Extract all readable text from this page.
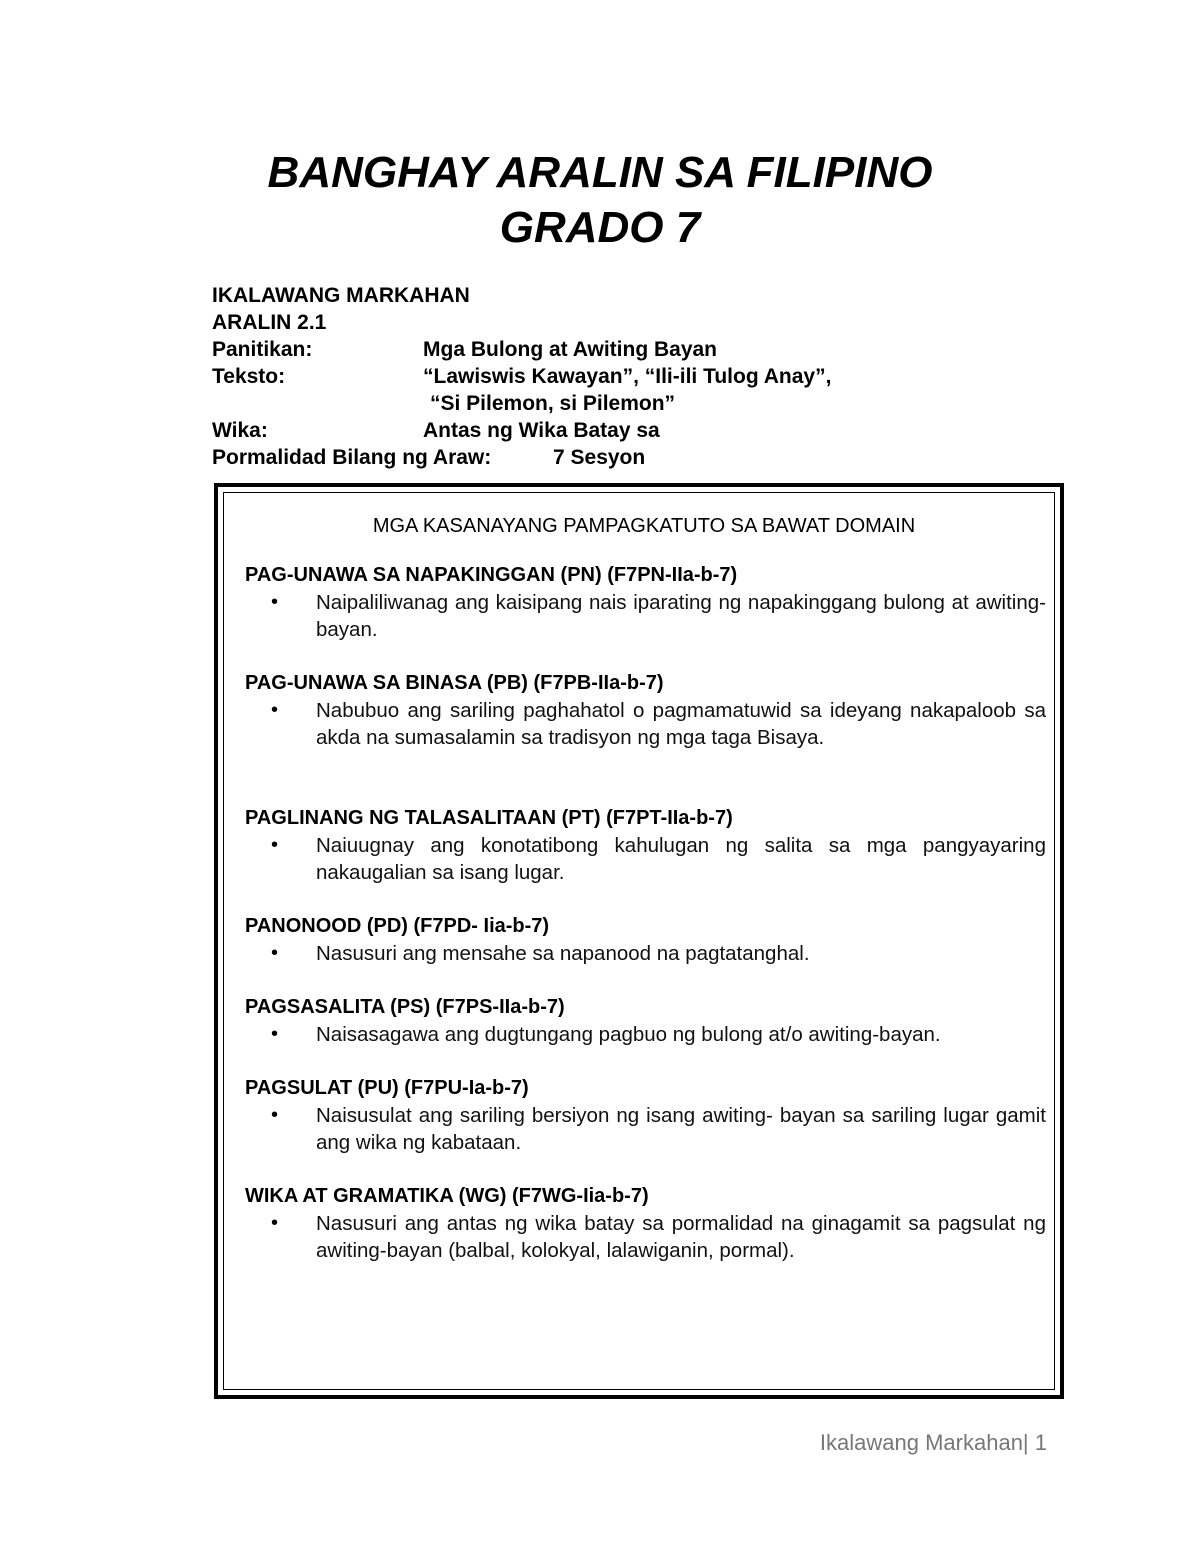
BANGHAY ARALIN SA FILIPINO
GRADO 7
IKALAWANG MARKAHAN
ARALIN 2.1
Panitikan:	Mga Bulong at Awiting Bayan
Teksto:	“Lawiswis Kawayan”, “Ili-ili Tulog Anay”,
“Si Pilemon, si Pilemon”
Wika:	Antas ng Wika Batay sa
Pormalidad Bilang ng Araw:	7 Sesyon
MGA KASANAYANG PAMPAGKATUTO SA BAWAT DOMAIN
PAG-UNAWA SA NAPAKINGGAN (PN) (F7PN-IIa-b-7)
• Naipaliliwanag ang kaisipang nais iparating ng napakinggang bulong at awiting-bayan.
PAG-UNAWA SA BINASA (PB) (F7PB-IIa-b-7)
• Nabubuo ang sariling paghahatol o pagmamatuwid sa ideyang nakapaloob sa akda na sumasalamin sa tradisyon ng mga taga Bisaya.
PAGLINANG NG TALASALITAAN (PT) (F7PT-IIa-b-7)
• Naiuugnay ang konotatibong kahulugan ng salita sa mga pangyayaring nakaugalian sa isang lugar.
PANONOOD (PD) (F7PD- Iia-b-7)
• Nasusuri ang mensahe sa napanood na pagtatanghal.
PAGSASALITA (PS) (F7PS-IIa-b-7)
• Naisasagawa ang dugtungang pagbuo ng bulong at/o awiting-bayan.
PAGSULAT (PU) (F7PU-Ia-b-7)
• Naisusulat ang sariling bersiyon ng isang awiting- bayan sa sariling lugar gamit ang wika ng kabataan.
WIKA AT GRAMATIKA (WG) (F7WG-Iia-b-7)
• Nasusuri ang antas ng wika batay sa pormalidad na ginagamit sa pagsulat ng awiting-bayan (balbal, kolokyal, lalawiganin, pormal).
Ikalawang Markahan| 1
